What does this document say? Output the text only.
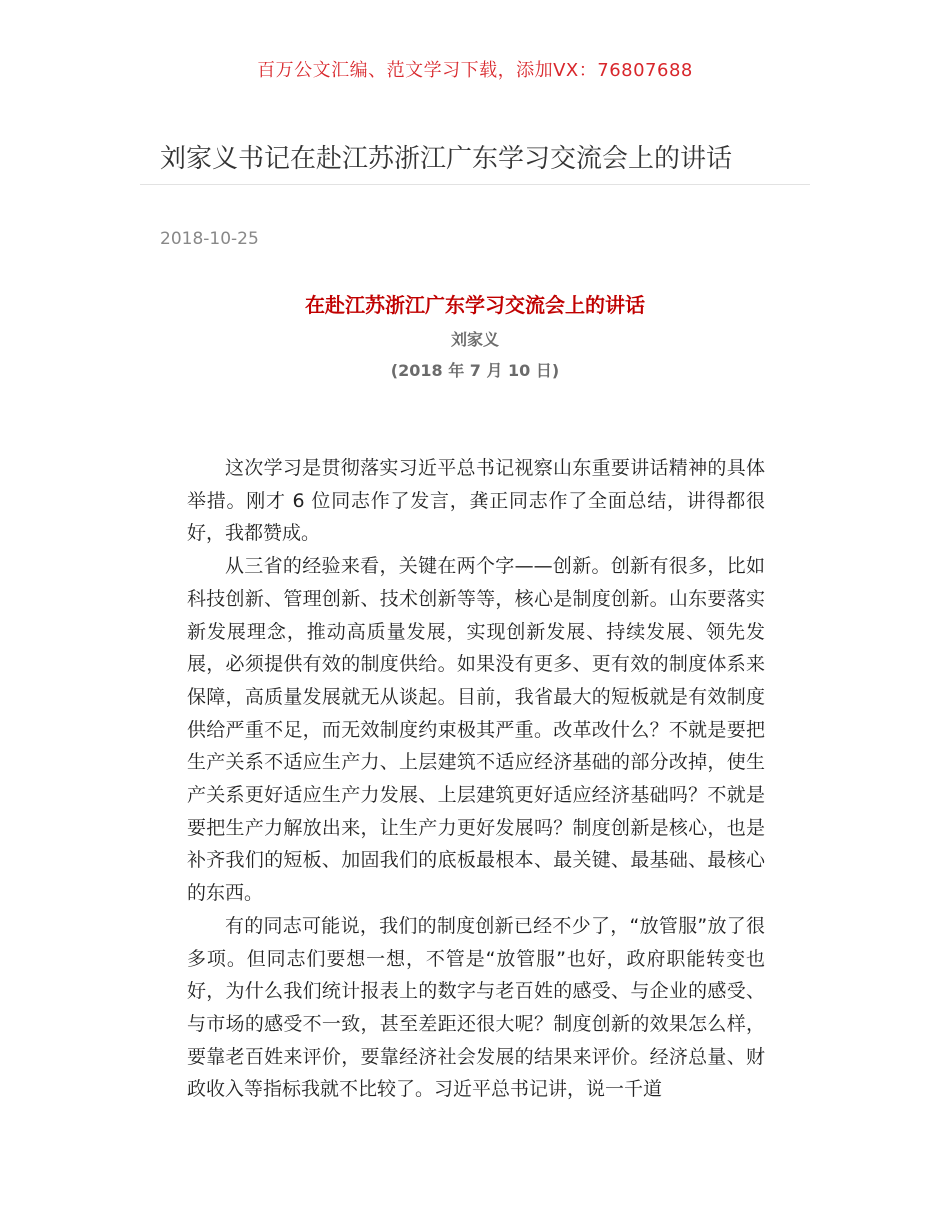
百万公文汇编、范文学习下载，添加VX：76807688
刘家义书记在赴江苏浙江广东学习交流会上的讲话
2018-10-25
在赴江苏浙江广东学习交流会上的讲话
刘家义
(2018 年 7 月 10 日)

这次学习是贯彻落实习近平总书记视察山东重要讲话精神的具体举措。刚才 6 位同志作了发言，龚正同志作了全面总结，讲得都很好，我都赞成。

从三省的经验来看，关键在两个字——创新。创新有很多，比如科技创新、管理创新、技术创新等等，核心是制度创新。山东要落实新发展理念，推动高质量发展，实现创新发展、持续发展、领先发展，必须提供有效的制度供给。如果没有更多、更有效的制度体系来保障，高质量发展就无从谈起。目前，我省最大的短板就是有效制度供给严重不足，而无效制度约束极其严重。改革改什么？不就是要把生产关系不适应生产力、上层建筑不适应经济基础的部分改掉，使生产关系更好适应生产力发展、上层建筑更好适应经济基础吗？不就是要把生产力解放出来，让生产力更好发展吗？制度创新是核心，也是补齐我们的短板、加固我们的底板最根本、最关键、最基础、最核心的东西。

有的同志可能说，我们的制度创新已经不少了，“放管服”放了很多项。但同志们要想一想，不管是“放管服”也好，政府职能转变也好，为什么我们统计报表上的数字与老百姓的感受、与企业的感受、与市场的感受不一致，甚至差距还很大呢？制度创新的效果怎么样，要靠老百姓来评价，要靠经济社会发展的结果来评价。经济总量、财政收入等指标我就不比较了。习近平总书记讲，说一千道
